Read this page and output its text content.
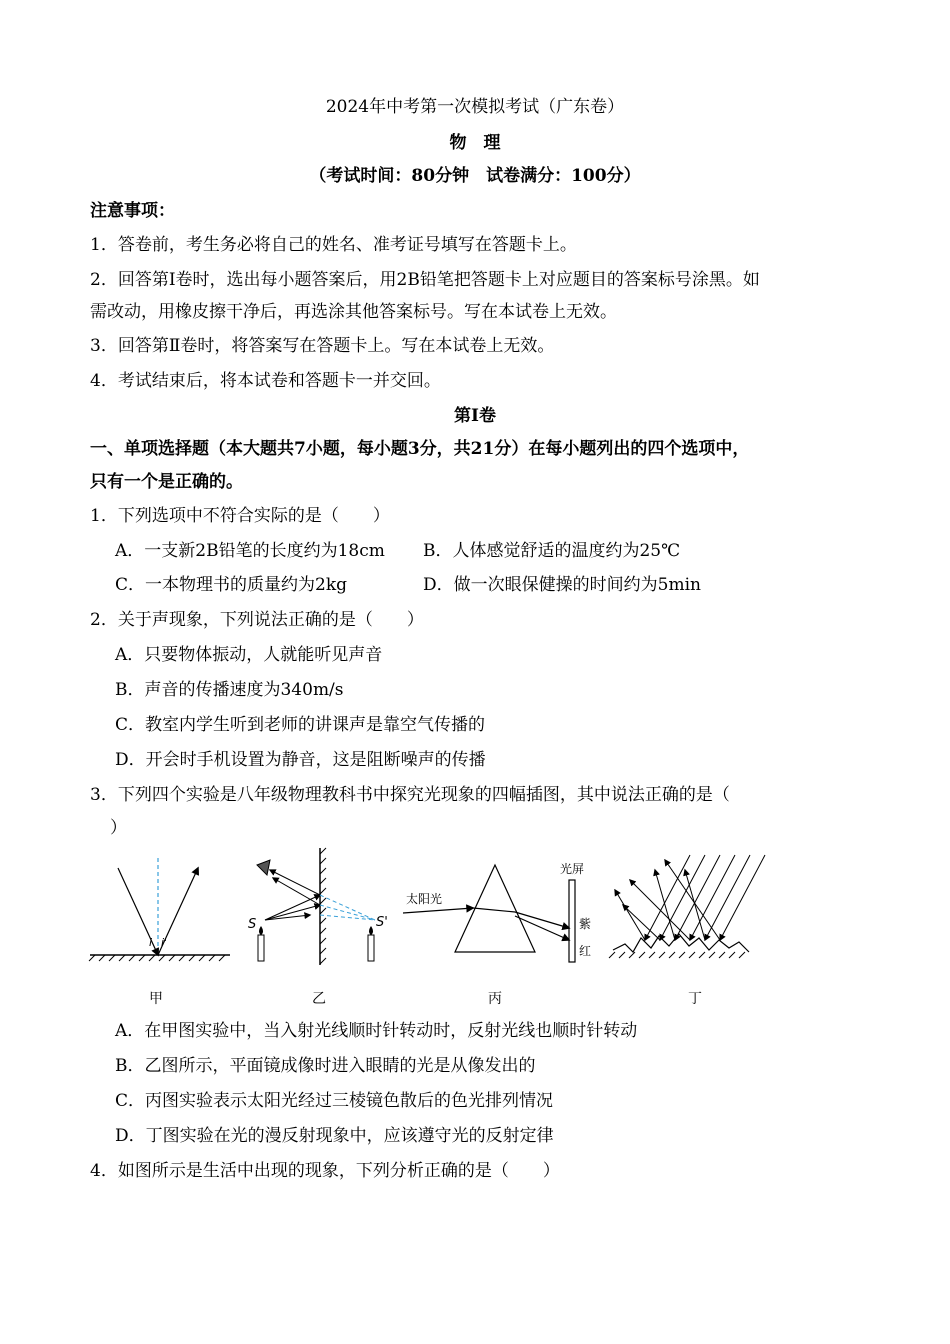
2024年中考第一次模拟考试（广东卷）
物　理
（考试时间：80分钟　试卷满分：100分）
注意事项：
1．答卷前，考生务必将自己的姓名、准考证号填写在答题卡上。
2．回答第Ⅰ卷时，选出每小题答案后，用2B铅笔把答题卡上对应题目的答案标号涂黑。如
需改动，用橡皮擦干净后，再选涂其他答案标号。写在本试卷上无效。
3．回答第Ⅱ卷时，将答案写在答题卡上。写在本试卷上无效。
4．考试结束后，将本试卷和答题卡一并交回。
第Ⅰ卷
一、单项选择题（本大题共7小题，每小题3分，共21分）在每小题列出的四个选项中，
只有一个是正确的。
1．下列选项中不符合实际的是（　　）
A．一支新2B铅笔的长度约为18cm B．人体感觉舒适的温度约为25℃
C．一本物理书的质量约为2kg	D．做一次眼保健操的时间约为5min
2．关于声现象，下列说法正确的是（　　）
A．只要物体振动，人就能听见声音
B．声音的传播速度为340m/s
C．教室内学生听到老师的讲课声是靠空气传播的
D．开会时手机设置为静音，这是阻断噪声的传播
3．下列四个实验是八年级物理教科书中探究光现象的四幅插图，其中说法正确的是（
）
i i'
S	S'
太阳光
光屏
紫
红
甲	乙	丙	丁
A．在甲图实验中，当入射光线顺时针转动时，反射光线也顺时针转动
B．乙图所示，平面镜成像时进入眼睛的光是从像发出的
C．丙图实验表示太阳光经过三棱镜色散后的色光排列情况
D．丁图实验在光的漫反射现象中，应该遵守光的反射定律
4．如图所示是生活中出现的现象，下列分析正确的是（　　）
